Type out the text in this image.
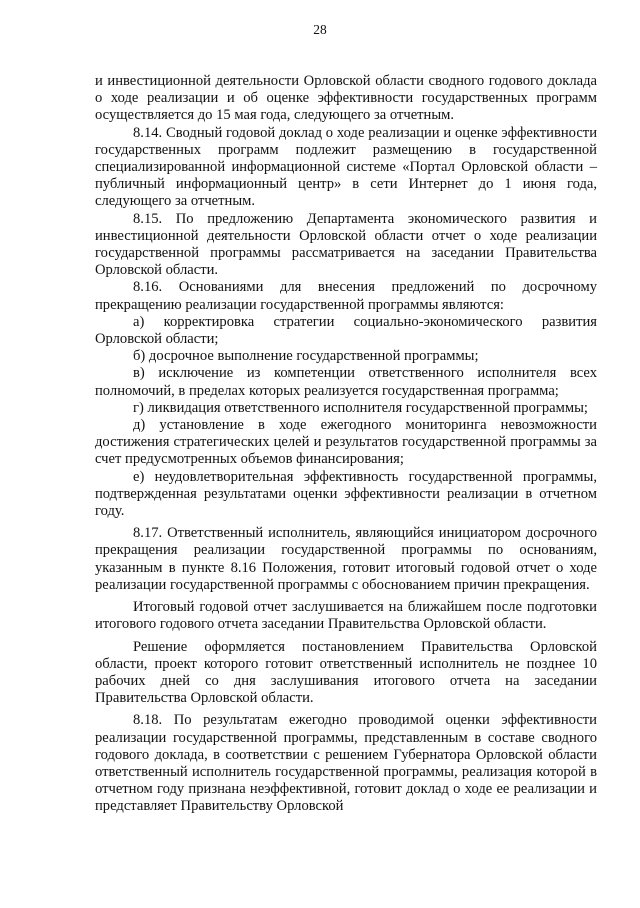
28

и инвестиционной деятельности Орловской области сводного годового доклада о ходе реализации и об оценке эффективности государственных программ осуществляется до 15 мая года, следующего за отчетным.

8.14. Сводный годовой доклад о ходе реализации и оценке эффективности государственных программ подлежит размещению в государственной специализированной информационной системе «Портал Орловской области – публичный информационный центр» в сети Интернет до 1 июня года, следующего за отчетным.

8.15. По предложению Департамента экономического развития и инвестиционной деятельности Орловской области отчет о ходе реализации государственной программы рассматривается на заседании Правительства Орловской области.

8.16. Основаниями для внесения предложений по досрочному прекращению реализации государственной программы являются:

а) корректировка стратегии социально-экономического развития Орловской области;

б) досрочное выполнение государственной программы;

в) исключение из компетенции ответственного исполнителя всех полномочий, в пределах которых реализуется государственная программа;

г) ликвидация ответственного исполнителя государственной программы;

д) установление в ходе ежегодного мониторинга невозможности достижения стратегических целей и результатов государственной программы за счет предусмотренных объемов финансирования;

е) неудовлетворительная эффективность государственной программы, подтвержденная результатами оценки эффективности реализации в отчетном году.

8.17. Ответственный исполнитель, являющийся инициатором досрочного прекращения реализации государственной программы по основаниям, указанным в пункте 8.16 Положения, готовит итоговый годовой отчет о ходе реализации государственной программы с обоснованием причин прекращения.

Итоговый годовой отчет заслушивается на ближайшем после подготовки итогового годового отчета заседании Правительства Орловской области.

Решение оформляется постановлением Правительства Орловской области, проект которого готовит ответственный исполнитель не позднее 10 рабочих дней со дня заслушивания итогового отчета на заседании Правительства Орловской области.

8.18. По результатам ежегодно проводимой оценки эффективности реализации государственной программы, представленным в составе сводного годового доклада, в соответствии с решением Губернатора Орловской области ответственный исполнитель государственной программы, реализация которой в отчетном году признана неэффективной, готовит доклад о ходе ее реализации и представляет Правительству Орловской
